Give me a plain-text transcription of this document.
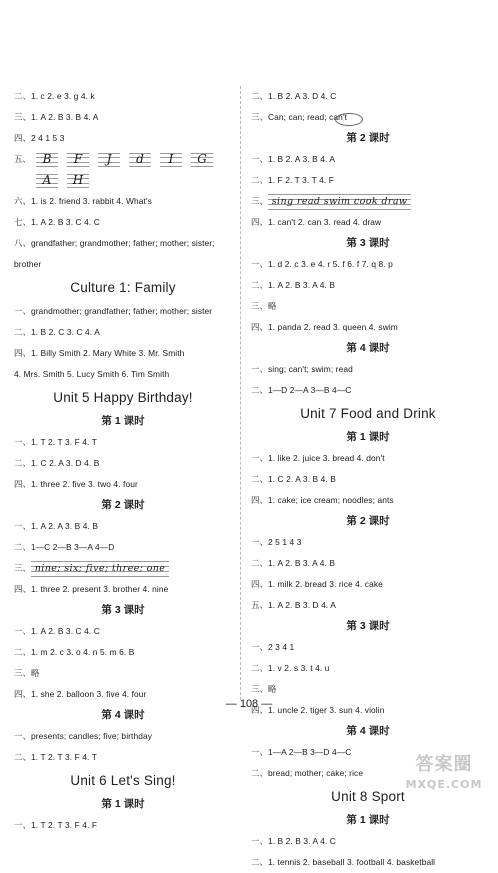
二、1. c 2. e 3. g 4. k
三、1. A 2. B 3. B 4. A
四、2 4 1 5 3
五、 B	F	J	d	I	G
A	H
六、1. is 2. friend 3. rabbit 4. What's
七、1. A 2. B 3. C 4. C
八、grandfather; grandmother; father; mother; sister;
brother
Culture 1: Family
一、grandmother; grandfather; father; mother; sister
二、1. B 2. C 3. C 4. A
四、1. Billy Smith 2. Mary White 3. Mr. Smith
4. Mrs. Smith 5. Lucy Smith 6. Tim Smith
Unit 5 Happy Birthday!
第 1 课时
一、1. T 2. T 3. F 4. T
二、1. C 2. A 3. D 4. B
四、1. three 2. five 3. two 4. four
第 2 课时
一、1. A 2. A 3. B 4. B
二、1—C 2—B 3—A 4—D
三、 nine; six; five; three; one
四、1. three 2. present 3. brother 4. nine
第 3 课时
一、1. A 2. B 3. C 4. C
二、1. m 2. c 3. o 4. n 5. m 6. B
三、略
四、1. she 2. balloon 3. five 4. four
第 4 课时
一、presents; candles; five; birthday
二、1. T 2. T 3. F 4. T
Unit 6 Let's Sing!
第 1 课时
一、1. T 2. T 3. F 4. F
二、1. B 2. A 3. D 4. C
三、Can; can; read; can't
第 2 课时
一、1. B 2. A 3. B 4. A
二、1. F 2. T 3. T 4. F
三、 sing read swim cook draw
四、1. can't 2. can 3. read 4. draw
第 3 课时
一、1. d 2. c 3. e 4. r 5. f 6. f 7. q 8. p
二、1. A 2. B 3. A 4. B
三、略
四、1. panda 2. read 3. queen 4. swim
第 4 课时
一、sing; can't; swim; read
二、1—D 2—A 3—B 4—C
Unit 7 Food and Drink
第 1 课时
一、1. like 2. juice 3. bread 4. don't
二、1. C 2. A 3. B 4. B
四、1. cake; ice cream; noodles; ants
第 2 课时
一、2 5 1 4 3
二、1. A 2. B 3. A 4. B
四、1. milk 2. bread 3. rice 4. cake
五、1. A 2. B 3. D 4. A
第 3 课时
一、2 3 4 1
二、1. v 2. s 3. t 4. u
三、略
四、1. uncle 2. tiger 3. sun 4. violin
第 4 课时
一、1—A 2—B 3—D 4—C
二、bread; mother; cake; rice
Unit 8 Sport
第 1 课时
一、1. B 2. B 3. A 4. C
二、1. tennis 2. baseball 3. football 4. basketball
— 108 —
答案圈
MXQE.COM
